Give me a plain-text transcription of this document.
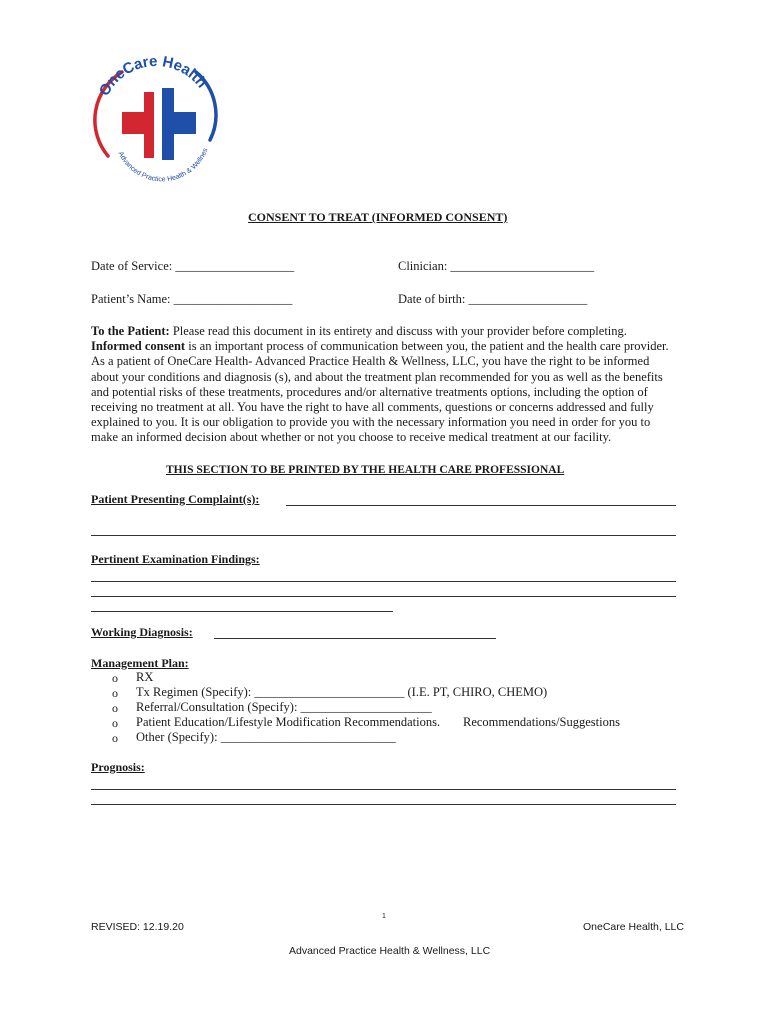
OneCare Health
Advanced Practice Health & Wellnes
CONSENT TO TREAT (INFORMED CONSENT)
Date of Service: ___________________	Clinician: _______________________
Patient’s Name: ___________________	Date of birth: ___________________
To the Patient: Please read this document in its entirety and discuss with your provider before completing.
Informed consent is an important process of communication between you, the patient and the health care provider.
As a patient of OneCare Health- Advanced Practice Health & Wellness, LLC, you have the right to be informed
about your conditions and diagnosis (s), and about the treatment plan recommended for you as well as the benefits
and potential risks of these treatments, procedures and/or alternative treatments options, including the option of
receiving no treatment at all. You have the right to have all comments, questions or concerns addressed and fully
explained to you. It is our obligation to provide you with the necessary information you need in order for you to
make an informed decision about whether or not you choose to receive medical treatment at our facility.
THIS SECTION TO BE PRINTED BY THE HEALTH CARE PROFESSIONAL
Patient Presenting Complaint(s):
Pertinent Examination Findings:
Working Diagnosis:
Management Plan:
o RX
o Tx Regimen (Specify): ________________________ (I.E. PT, CHIRO, CHEMO)
o Referral/Consultation (Specify): _____________________
o Patient Education/Lifestyle Modification Recommendations. Recommendations/Suggestions
o Other (Specify): ____________________________
Prognosis:
REVISED: 12.19.20
1
OneCare Health, LLC
Advanced Practice Health & Wellness, LLC
